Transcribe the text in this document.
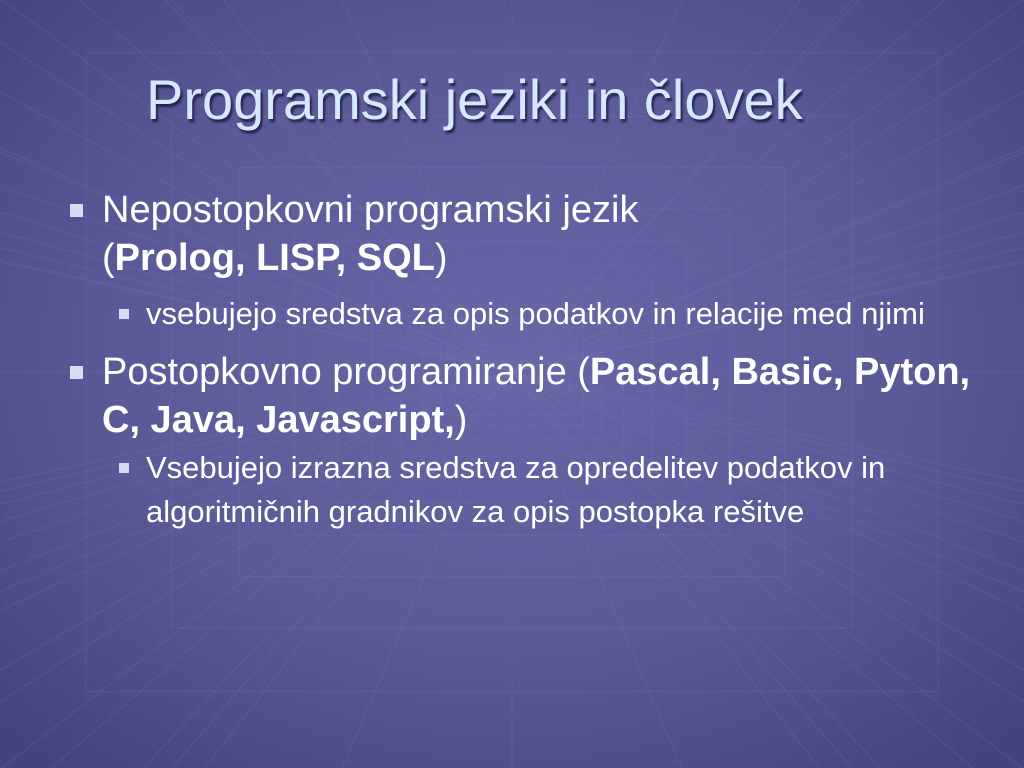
Programski jeziki in človek
Nepostopkovni programski jezik
(Prolog, LISP, SQL)
vsebujejo sredstva za opis podatkov in relacije med njimi
Postopkovno programiranje (Pascal, Basic, Pyton, C, Java, Javascript,)
Vsebujejo izrazna sredstva za opredelitev podatkov in algoritmičnih gradnikov za opis postopka rešitve
